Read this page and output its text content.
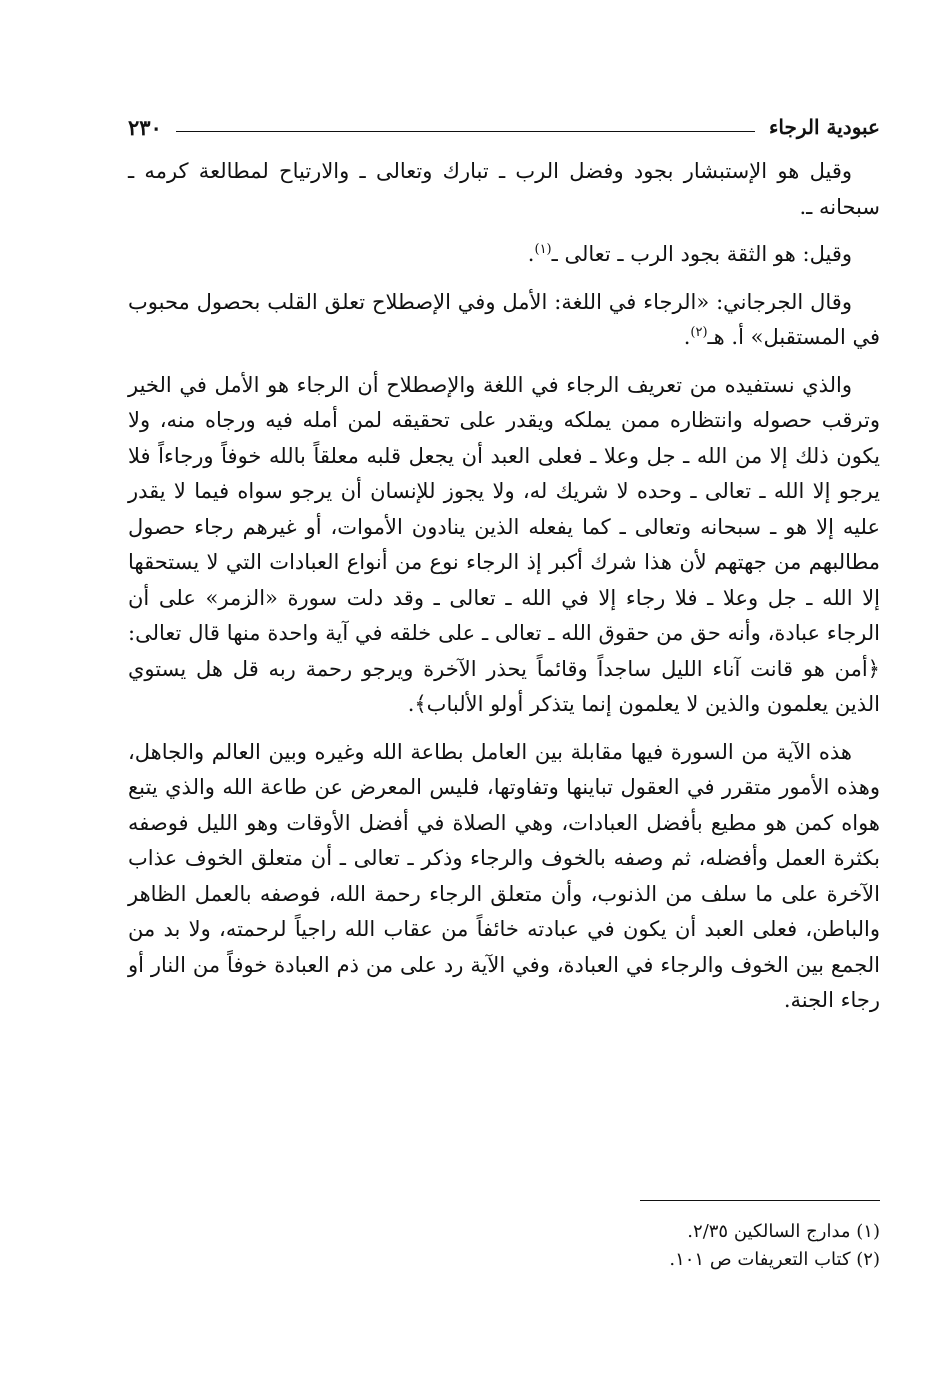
عبودية الرجاء
٢٣٠

وقيل هو الإستبشار بجود وفضل الرب ـ تبارك وتعالى ـ والارتياح لمطالعة كرمه ـ سبحانه ـ.

وقيل: هو الثقة بجود الرب ـ تعالى ـ$^{(١)}$.

وقال الجرجاني: «الرجاء في اللغة: الأمل وفي الإصطلاح تعلق القلب بحصول محبوب في المستقبل» أ. هـ$^{(٢)}$.

والذي نستفيده من تعريف الرجاء في اللغة والإصطلاح أن الرجاء هو الأمل في الخير وترقب حصوله وانتظاره ممن يملكه ويقدر على تحقيقه لمن أمله فيه ورجاه منه، ولا يكون ذلك إلا من الله ـ جل وعلا ـ فعلى العبد أن يجعل قلبه معلقاً بالله خوفاً ورجاءاً فلا يرجو إلا الله ـ تعالى ـ وحده لا شريك له، ولا يجوز للإنسان أن يرجو سواه فيما لا يقدر عليه إلا هو ـ سبحانه وتعالى ـ كما يفعله الذين ينادون الأموات، أو غيرهم رجاء حصول مطالبهم من جهتهم لأن هذا شرك أكبر إذ الرجاء نوع من أنواع العبادات التي لا يستحقها إلا الله ـ جل وعلا ـ فلا رجاء إلا في الله ـ تعالى ـ وقد دلت سورة «الزمر» على أن الرجاء عبادة، وأنه حق من حقوق الله ـ تعالى ـ على خلقه في آية واحدة منها قال تعالى: ﴿أمن هو قانت آناء الليل ساجداً وقائماً يحذر الآخرة ويرجو رحمة ربه قل هل يستوي الذين يعلمون والذين لا يعلمون إنما يتذكر أولو الألباب﴾.

هذه الآية من السورة فيها مقابلة بين العامل بطاعة الله وغيره وبين العالم والجاهل، وهذه الأمور متقرر في العقول تباينها وتفاوتها، فليس المعرض عن طاعة الله والذي يتبع هواه كمن هو مطيع بأفضل العبادات، وهي الصلاة في أفضل الأوقات وهو الليل فوصفه بكثرة العمل وأفضله، ثم وصفه بالخوف والرجاء وذكر ـ تعالى ـ أن متعلق الخوف عذاب الآخرة على ما سلف من الذنوب، وأن متعلق الرجاء رحمة الله، فوصفه بالعمل الظاهر والباطن، فعلى العبد أن يكون في عبادته خائفاً من عقاب الله راجياً لرحمته، ولا بد من الجمع بين الخوف والرجاء في العبادة، وفي الآية رد على من ذم العبادة خوفاً من النار أو رجاء الجنة.

(١) مدارج السالكين ٢/٣٥.
(٢) كتاب التعريفات ص ١٠١.
